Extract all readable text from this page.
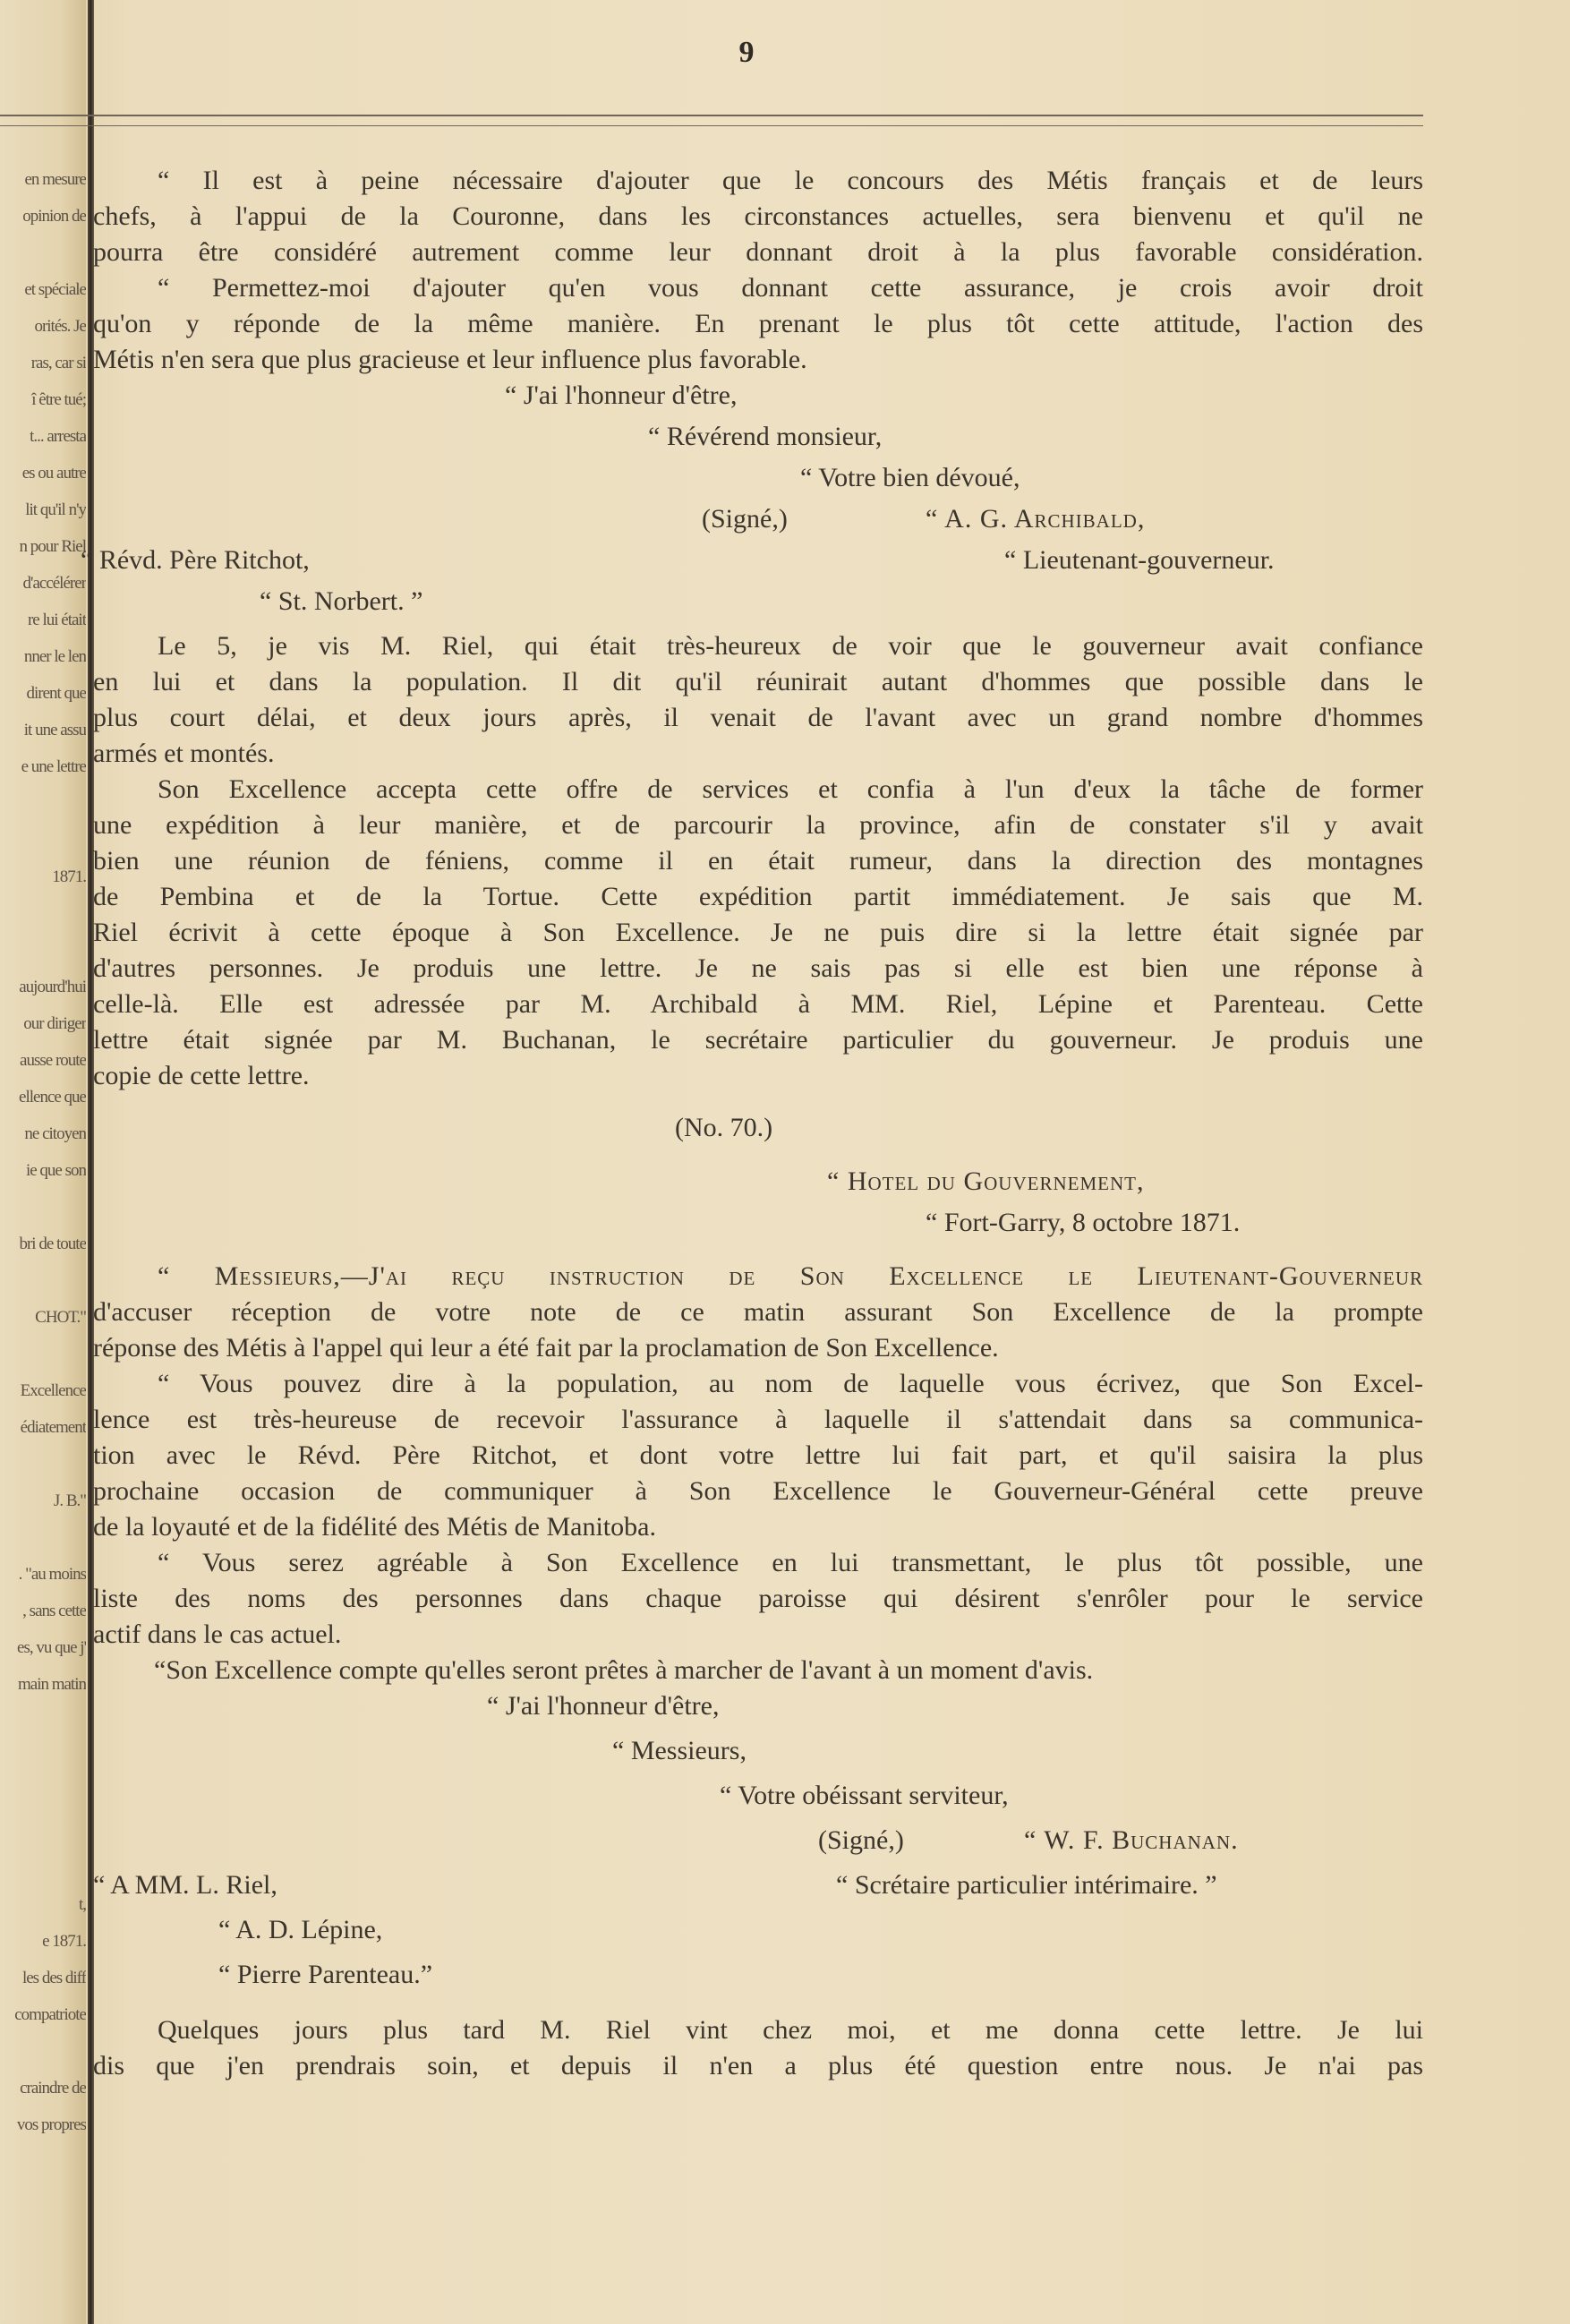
en mesure
opinion de
et spéciale
orités. Je
ras, car si
î être tué;
t... arresta
es ou autre
lit qu'il n'y
n pour Riel
d'accélérer
re lui était
nner le len
dirent que
it une assu
e une lettre
1871.
aujourd'hui
our diriger
ausse route
ellence que
ne citoyen
ie que son
bri de toute
CHOT."
Excellence
édiatement
J. B."
. "au moins
, sans cette
es, vu que j'
main matin
t,
e 1871.
les des diff
compatriote
craindre de
vos propres
9
“ Il est à peine nécessaire d'ajouter que le concours des Métis français et de leurs
chefs, à l'appui de la Couronne, dans les circonstances actuelles, sera bienvenu et qu'il ne
pourra être considéré autrement comme leur donnant droit à la plus favorable considération.
“ Permettez-moi d'ajouter qu'en vous donnant cette assurance, je crois avoir droit
qu'on y réponde de la même manière. En prenant le plus tôt cette attitude, l'action des
Métis n'en sera que plus gracieuse et leur influence plus favorable.
“ J'ai l'honneur d'être,
“ Révérend monsieur,
“ Votre bien dévoué,
(Signé,)	“ A. G. Archibald,
“ Révd. Père Ritchot,	“ Lieutenant-gouverneur.
“ St. Norbert. ”
Le 5, je vis M. Riel, qui était très-heureux de voir que le gouverneur avait confiance
en lui et dans la population. Il dit qu'il réunirait autant d'hommes que possible dans le
plus court délai, et deux jours après, il venait de l'avant avec un grand nombre d'hommes
armés et montés.
Son Excellence accepta cette offre de services et confia à l'un d'eux la tâche de former
une expédition à leur manière, et de parcourir la province, afin de constater s'il y avait
bien une réunion de féniens, comme il en était rumeur, dans la direction des montagnes
de Pembina et de la Tortue. Cette expédition partit immédiatement. Je sais que M.
Riel écrivit à cette époque à Son Excellence. Je ne puis dire si la lettre était signée par
d'autres personnes. Je produis une lettre. Je ne sais pas si elle est bien une réponse à
celle-là. Elle est adressée par M. Archibald à MM. Riel, Lépine et Parenteau. Cette
lettre était signée par M. Buchanan, le secrétaire particulier du gouverneur. Je produis une
copie de cette lettre.
(No. 70.)
“ Hotel du Gouvernement,
“ Fort-Garry, 8 octobre 1871.
“ Messieurs,—J'ai reçu instruction de Son Excellence le Lieutenant-Gouverneur
d'accuser réception de votre note de ce matin assurant Son Excellence de la prompte
réponse des Métis à l'appel qui leur a été fait par la proclamation de Son Excellence.
“ Vous pouvez dire à la population, au nom de laquelle vous écrivez, que Son Excel-
lence est très-heureuse de recevoir l'assurance à laquelle il s'attendait dans sa communica-
tion avec le Révd. Père Ritchot, et dont votre lettre lui fait part, et qu'il saisira la plus
prochaine occasion de communiquer à Son Excellence le Gouverneur-Général cette preuve
de la loyauté et de la fidélité des Métis de Manitoba.
“ Vous serez agréable à Son Excellence en lui transmettant, le plus tôt possible, une
liste des noms des personnes dans chaque paroisse qui désirent s'enrôler pour le service
actif dans le cas actuel.
“Son Excellence compte qu'elles seront prêtes à marcher de l'avant à un moment d'avis.
“ J'ai l'honneur d'être,
“ Messieurs,
“ Votre obéissant serviteur,
(Signé,)	“ W. F. Buchanan.
“ A MM. L. Riel,	“ Scrétaire particulier intérimaire. ”
“ A. D. Lépine,
“ Pierre Parenteau.”
Quelques jours plus tard M. Riel vint chez moi, et me donna cette lettre. Je lui
dis que j'en prendrais soin, et depuis il n'en a plus été question entre nous. Je n'ai pas
